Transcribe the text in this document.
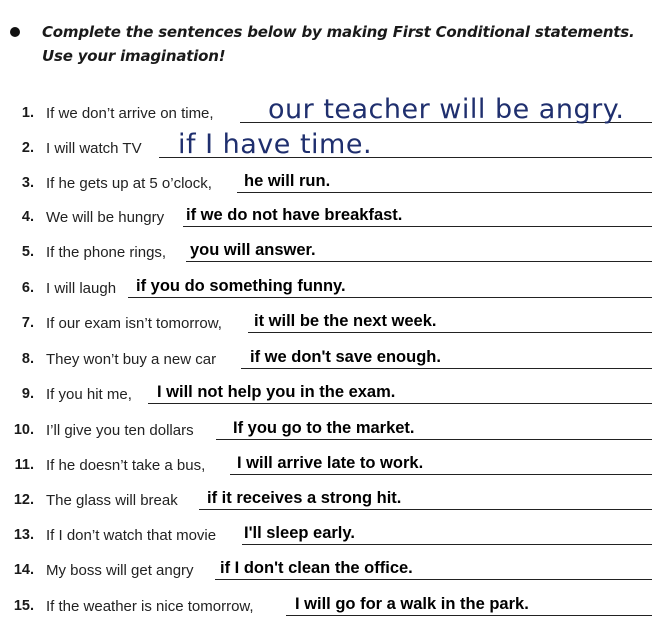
Complete the sentences below by making First Conditional statements. Use your imagination!
1. If we don’t arrive on time, our teacher will be angry.
2. I will watch TV if I have time.
3. If he gets up at 5 o’clock, he will run.
4. We will be hungry if we do not have breakfast.
5. If the phone rings, you will answer.
6. I will laugh if you do something funny.
7. If our exam isn’t tomorrow, it will be the next week.
8. They won’t buy a new car if we don't save enough.
9. If you hit me, I will not help you in the exam.
10. I’ll give you ten dollars If you go to the market.
11. If he doesn’t take a bus, I will arrive late to work.
12. The glass will break if it receives a strong hit.
13. If I don’t watch that movie I'll sleep early.
14. My boss will get angry if I don't clean the office.
15. If the weather is nice tomorrow,	I will go for a walk in the park.
